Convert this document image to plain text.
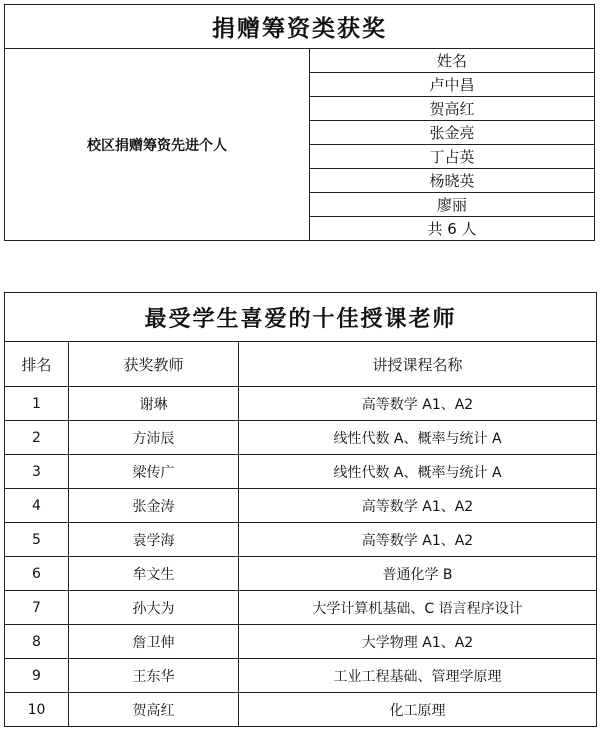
捐赠筹资类获奖
校区捐赠筹资先进个人	姓名
卢中昌
贺高红
张金亮
丁占英
杨晓英
廖丽
共 6 人
最受学生喜爱的十佳授课老师		
排名	获奖教师	讲授课程名称
1	谢琳	高等数学 A1、A2
2	方沛辰	线性代数 A、概率与统计 A
3	梁传广	线性代数 A、概率与统计 A
4	张金涛	高等数学 A1、A2
5	袁学海	高等数学 A1、A2
6	牟文生	普通化学 B
7	孙大为	大学计算机基础、C 语言程序设计
8	詹卫伸	大学物理 A1、A2
9	王东华	工业工程基础、管理学原理
10	贺高红	化工原理
